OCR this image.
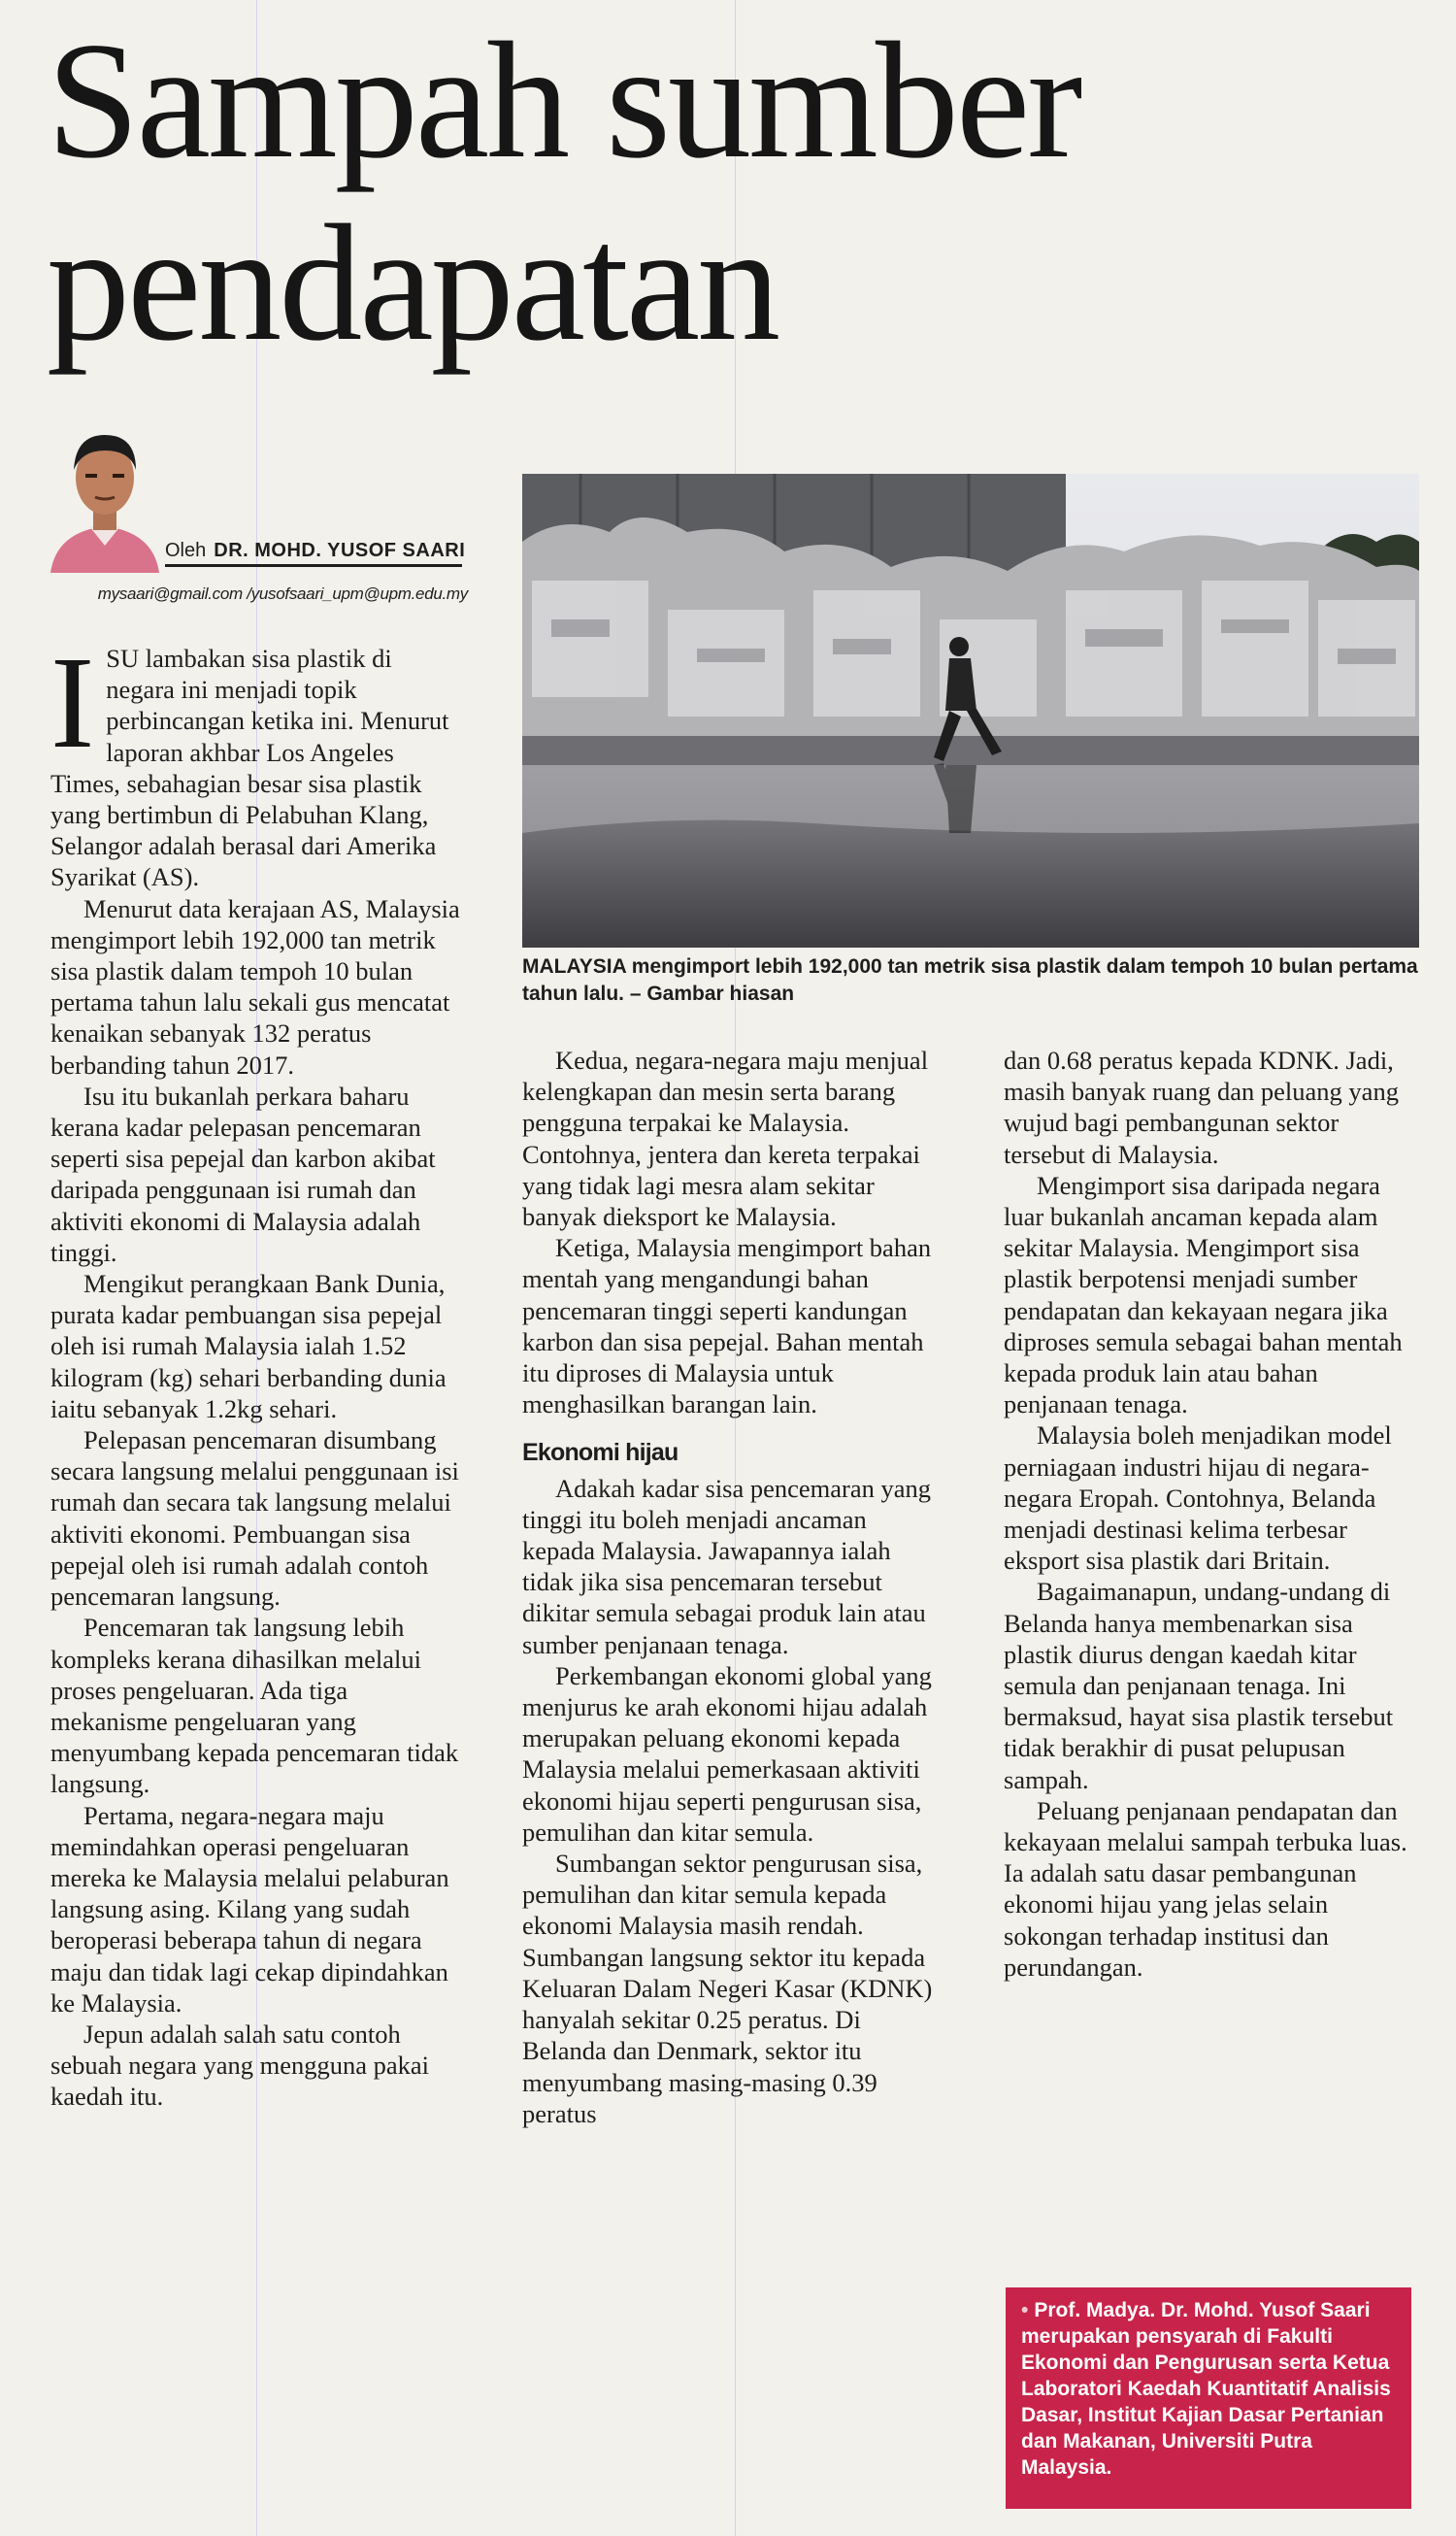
Sampah sumber
pendapatan
Oleh DR. MOHD. YUSOF SAARI
mysaari@gmail.com /yusofsaari_upm@upm.edu.my

MALAYSIA mengimport lebih 192,000 tan metrik sisa plastik dalam tempoh 10 bulan pertama tahun lalu. – Gambar hiasan

ISU lambakan sisa plastik di negara ini menjadi topik perbincangan ketika ini. Menurut laporan akhbar Los Angeles Times, sebahagian besar sisa plastik yang bertimbun di Pelabuhan Klang, Selangor adalah berasal dari Amerika Syarikat (AS).

Menurut data kerajaan AS, Malaysia mengimport lebih 192,000 tan metrik sisa plastik dalam tempoh 10 bulan pertama tahun lalu sekali gus mencatat kenaikan sebanyak 132 peratus berbanding tahun 2017.

Isu itu bukanlah perkara baharu kerana kadar pelepasan pencemaran seperti sisa pepejal dan karbon akibat daripada penggunaan isi rumah dan aktiviti ekonomi di Malaysia adalah tinggi.

Mengikut perangkaan Bank Dunia, purata kadar pembuangan sisa pepejal oleh isi rumah Malaysia ialah 1.52 kilogram (kg) sehari berbanding dunia iaitu sebanyak 1.2kg sehari.

Pelepasan pencemaran disumbang secara langsung melalui penggunaan isi rumah dan secara tak langsung melalui aktiviti ekonomi. Pembuangan sisa pepejal oleh isi rumah adalah contoh pencemaran langsung.

Pencemaran tak langsung lebih kompleks kerana dihasilkan melalui proses pengeluaran. Ada tiga mekanisme pengeluaran yang menyumbang kepada pencemaran tidak langsung.

Pertama, negara-negara maju memindahkan operasi pengeluaran mereka ke Malaysia melalui pelaburan langsung asing. Kilang yang sudah beroperasi beberapa tahun di negara maju dan tidak lagi cekap dipindahkan ke Malaysia.

Jepun adalah salah satu contoh sebuah negara yang mengguna pakai kaedah itu.

Kedua, negara-negara maju menjual kelengkapan dan mesin serta barang pengguna terpakai ke Malaysia. Contohnya, jentera dan kereta terpakai yang tidak lagi mesra alam sekitar banyak dieksport ke Malaysia.

Ketiga, Malaysia mengimport bahan mentah yang mengandungi bahan pencemaran tinggi seperti kandungan karbon dan sisa pepejal. Bahan mentah itu diproses di Malaysia untuk menghasilkan barangan lain.

Ekonomi hijau

Adakah kadar sisa pencemaran yang tinggi itu boleh menjadi ancaman kepada Malaysia. Jawapannya ialah tidak jika sisa pencemaran tersebut dikitar semula sebagai produk lain atau sumber penjanaan tenaga.

Perkembangan ekonomi global yang menjurus ke arah ekonomi hijau adalah merupakan peluang ekonomi kepada Malaysia melalui pemerkasaan aktiviti ekonomi hijau seperti pengurusan sisa, pemulihan dan kitar semula.

Sumbangan sektor pengurusan sisa, pemulihan dan kitar semula kepada ekonomi Malaysia masih rendah. Sumbangan langsung sektor itu kepada Keluaran Dalam Negeri Kasar (KDNK) hanyalah sekitar 0.25 peratus. Di Belanda dan Denmark, sektor itu menyumbang masing-masing 0.39 peratus

dan 0.68 peratus kepada KDNK. Jadi, masih banyak ruang dan peluang yang wujud bagi pembangunan sektor tersebut di Malaysia.

Mengimport sisa daripada negara luar bukanlah ancaman kepada alam sekitar Malaysia. Mengimport sisa plastik berpotensi menjadi sumber pendapatan dan kekayaan negara jika diproses semula sebagai bahan mentah kepada produk lain atau bahan penjanaan tenaga.

Malaysia boleh menjadikan model perniagaan industri hijau di negara-negara Eropah. Contohnya, Belanda menjadi destinasi kelima terbesar eksport sisa plastik dari Britain.

Bagaimanapun, undang-undang di Belanda hanya membenarkan sisa plastik diurus dengan kaedah kitar semula dan penjanaan tenaga. Ini bermaksud, hayat sisa plastik tersebut tidak berakhir di pusat pelupusan sampah.

Peluang penjanaan pendapatan dan kekayaan melalui sampah terbuka luas. Ia adalah satu dasar pembangunan ekonomi hijau yang jelas selain sokongan terhadap institusi dan perundangan.

• Prof. Madya. Dr. Mohd. Yusof Saari merupakan pensyarah di Fakulti Ekonomi dan Pengurusan serta Ketua Laboratori Kaedah Kuantitatif Analisis Dasar, Institut Kajian Dasar Pertanian dan Makanan, Universiti Putra Malaysia.
